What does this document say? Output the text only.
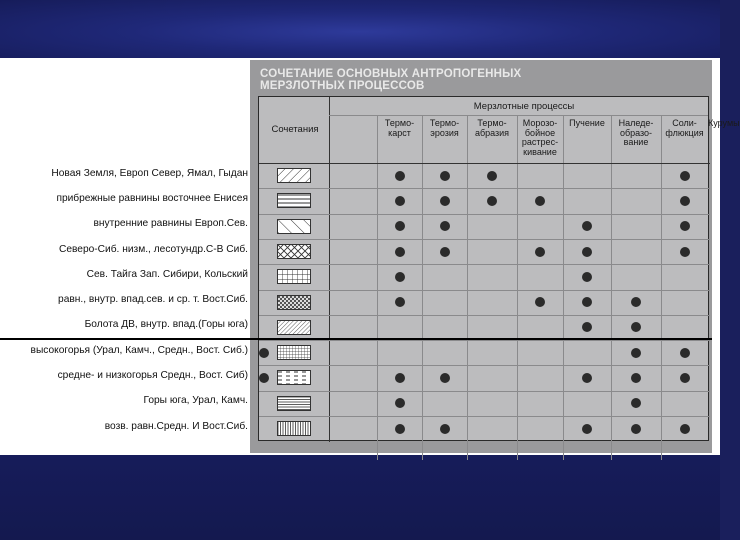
СОЧЕТАНИЕ ОСНОВНЫХ АНТРОПОГЕННЫХ
МЕРЗЛОТНЫХ ПРОЦЕССОВ
Сочетания
Мерзлотные процессы
Термо-
карст
Термо-
эрозия
Термо-
абразия
Морозо-
бойное
растрес-
кивание
Пучение	Наледе-
образо-
вание
Соли-
флюкция
Курумы
Новая Земля, Европ Север, Ямал, Гыдан
прибрежные равнины восточнее Енисея
внутренние равнины Европ.Сев.
Северо-Сиб. низм., лесотундр.С-В Сиб.
Сев. Тайга Зап. Сибири, Кольский
равн., внутр. впад.сев. и ср. т. Вост.Сиб.
Болота ДВ, внутр. впад.(Горы юга)
высокогорья (Урал, Камч., Средн., Вост. Сиб.)
средне- и низкогорья Средн., Вост. Сиб)
Горы юга, Урал, Камч.
возв. равн.Средн. И Вост.Сиб.
